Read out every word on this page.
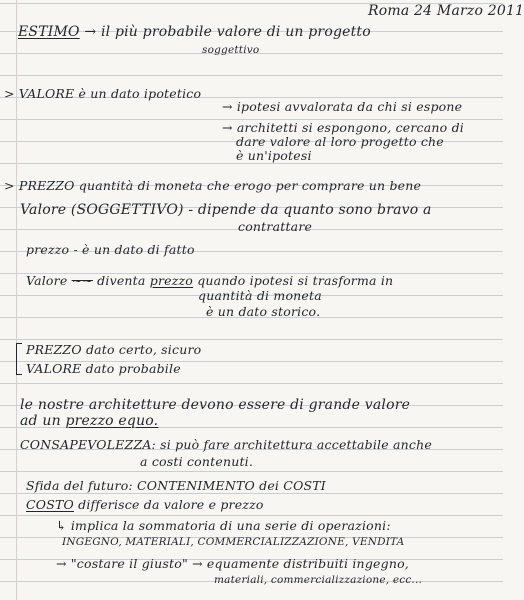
Roma 24 Marzo 2011
ESTIMO → il più probabile valore di un progetto
soggettivo
> VALORE è un dato ipotetico
→ ipotesi avvalorata da chi si espone
→ architetti si espongono, cercano di
dare valore al loro progetto che
è un'ipotesi
> PREZZO quantità di moneta che erogo per comprare un bene
Valore (SOGGETTIVO) - dipende da quanto sono bravo a
contrattare
prezzo - è un dato di fatto
Valore ∼∼ diventa prezzo quando ipotesi si trasforma in
quantità di moneta
è un dato storico.
PREZZO dato certo, sicuro
VALORE dato probabile
le nostre architetture devono essere di grande valore
ad un prezzo equo.
CONSAPEVOLEZZA: si può fare architettura accettabile anche
a costi contenuti.
Sfida del futuro: CONTENIMENTO dei COSTI
COSTO differisce da valore e prezzo
↳ implica la sommatoria di una serie di operazioni:
INGEGNO, MATERIALI, COMMERCIALIZZAZIONE, VENDITA
→ "costare il giusto" → equamente distribuiti ingegno,
materiali, commercializzazione, ecc...
